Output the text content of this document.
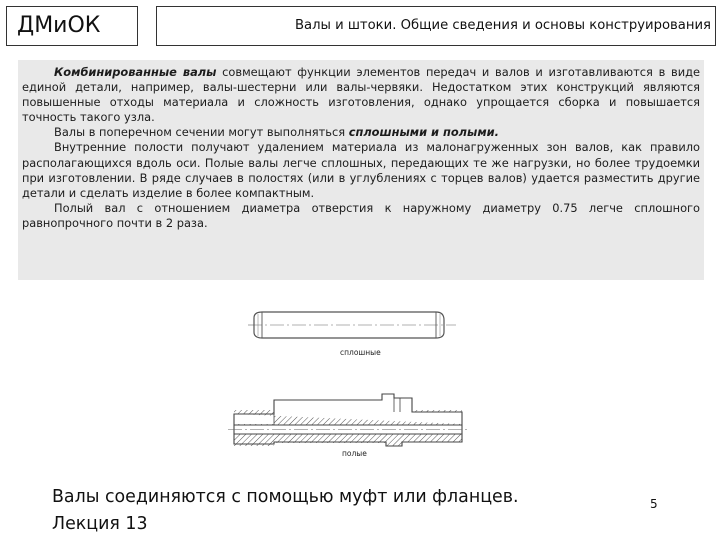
ДМиОК	Валы и штоки. Общие сведения и основы конструирования

Комбинированные валы совмещают функции элементов передач и валов и изготавливаются в виде единой детали, например, валы-шестерни или валы-червяки. Недостатком этих конструкций являются повышенные отходы материала и сложность изготовления, однако упрощается сборка и повышается точность такого узла.

Валы в поперечном сечении могут выполняться сплошными и полыми.

Внутренние полости получают удалением материала из малонагруженных зон валов, как правило располагающихся вдоль оси. Полые валы легче сплошных, передающих те же нагрузки, но более трудоемки при изготовлении. В ряде случаев в полостях (или в углублениях с торцев валов) удается разместить другие детали и сделать изделие в более компактным.

Полый вал с отношением диаметра отверстия к наружному диаметру 0.75 легче сплошного равнопрочного почти в 2 раза.

сплошные
полые
Валы соединяются с помощью муфт или фланцев.
Лекция 13
5
